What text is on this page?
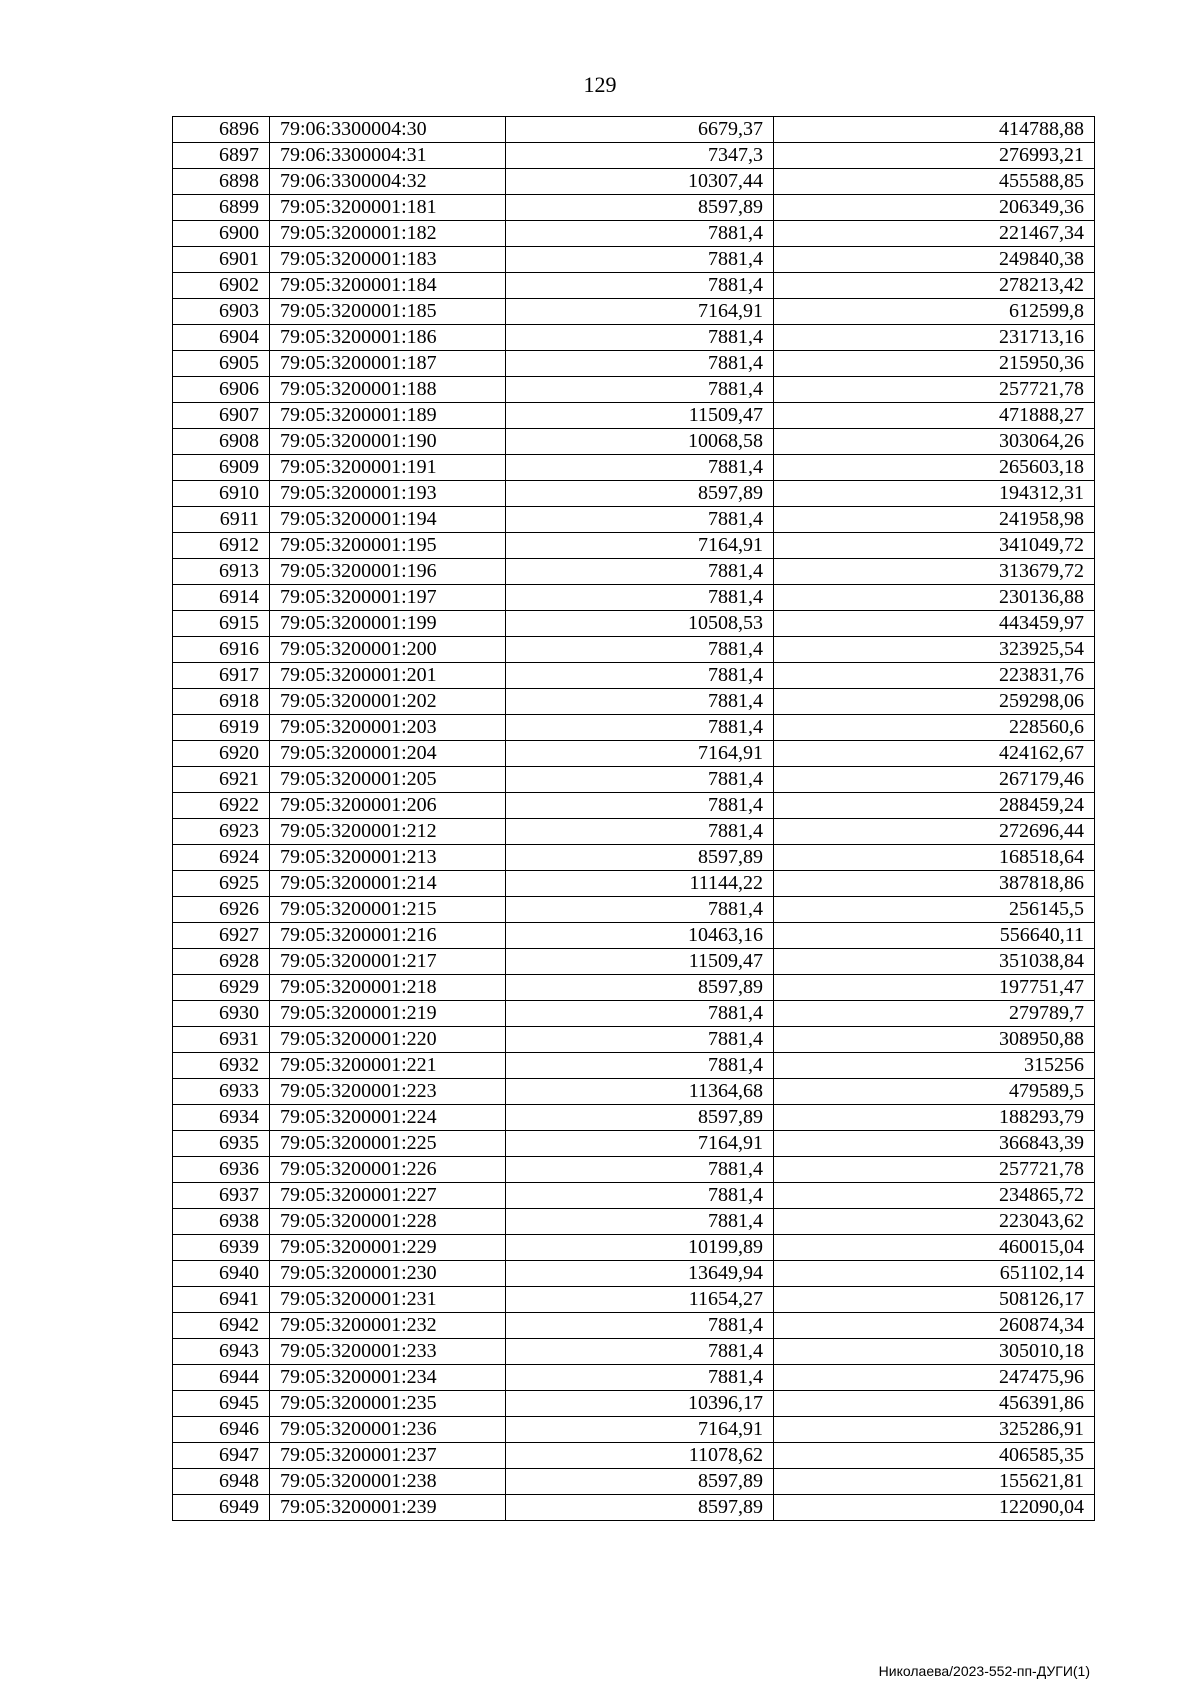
129
6896	79:06:3300004:30	6679,37	414788,88
6897	79:06:3300004:31	7347,3	276993,21
6898	79:06:3300004:32	10307,44	455588,85
6899	79:05:3200001:181	8597,89	206349,36
6900	79:05:3200001:182	7881,4	221467,34
6901	79:05:3200001:183	7881,4	249840,38
6902	79:05:3200001:184	7881,4	278213,42
6903	79:05:3200001:185	7164,91	612599,8
6904	79:05:3200001:186	7881,4	231713,16
6905	79:05:3200001:187	7881,4	215950,36
6906	79:05:3200001:188	7881,4	257721,78
6907	79:05:3200001:189	11509,47	471888,27
6908	79:05:3200001:190	10068,58	303064,26
6909	79:05:3200001:191	7881,4	265603,18
6910	79:05:3200001:193	8597,89	194312,31
6911	79:05:3200001:194	7881,4	241958,98
6912	79:05:3200001:195	7164,91	341049,72
6913	79:05:3200001:196	7881,4	313679,72
6914	79:05:3200001:197	7881,4	230136,88
6915	79:05:3200001:199	10508,53	443459,97
6916	79:05:3200001:200	7881,4	323925,54
6917	79:05:3200001:201	7881,4	223831,76
6918	79:05:3200001:202	7881,4	259298,06
6919	79:05:3200001:203	7881,4	228560,6
6920	79:05:3200001:204	7164,91	424162,67
6921	79:05:3200001:205	7881,4	267179,46
6922	79:05:3200001:206	7881,4	288459,24
6923	79:05:3200001:212	7881,4	272696,44
6924	79:05:3200001:213	8597,89	168518,64
6925	79:05:3200001:214	11144,22	387818,86
6926	79:05:3200001:215	7881,4	256145,5
6927	79:05:3200001:216	10463,16	556640,11
6928	79:05:3200001:217	11509,47	351038,84
6929	79:05:3200001:218	8597,89	197751,47
6930	79:05:3200001:219	7881,4	279789,7
6931	79:05:3200001:220	7881,4	308950,88
6932	79:05:3200001:221	7881,4	315256
6933	79:05:3200001:223	11364,68	479589,5
6934	79:05:3200001:224	8597,89	188293,79
6935	79:05:3200001:225	7164,91	366843,39
6936	79:05:3200001:226	7881,4	257721,78
6937	79:05:3200001:227	7881,4	234865,72
6938	79:05:3200001:228	7881,4	223043,62
6939	79:05:3200001:229	10199,89	460015,04
6940	79:05:3200001:230	13649,94	651102,14
6941	79:05:3200001:231	11654,27	508126,17
6942	79:05:3200001:232	7881,4	260874,34
6943	79:05:3200001:233	7881,4	305010,18
6944	79:05:3200001:234	7881,4	247475,96
6945	79:05:3200001:235	10396,17	456391,86
6946	79:05:3200001:236	7164,91	325286,91
6947	79:05:3200001:237	11078,62	406585,35
6948	79:05:3200001:238	8597,89	155621,81
6949	79:05:3200001:239	8597,89	122090,04
Николаева/2023-552-пп-ДУГИ(1)
